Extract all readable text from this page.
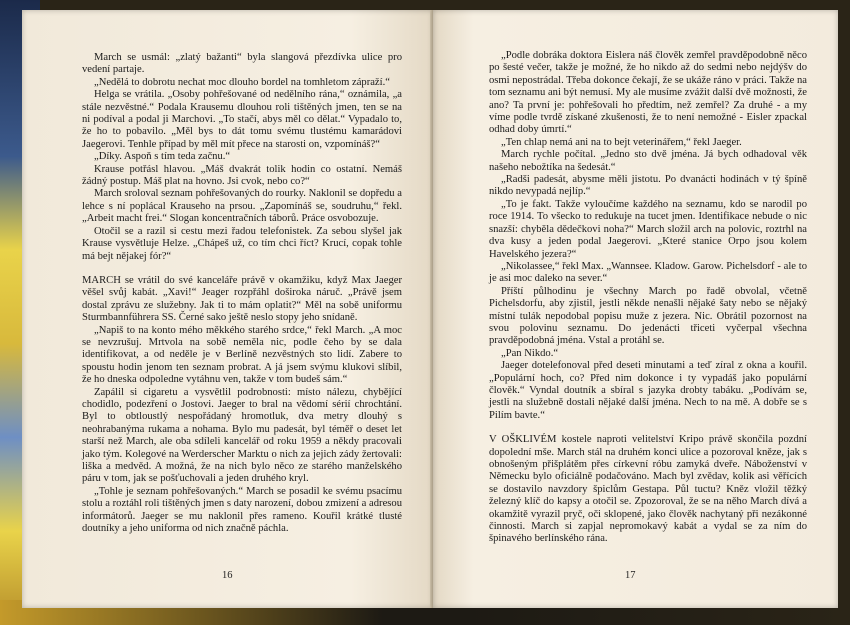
March se usmál: „zlatý bažanti“ byla slangová přezdívka ulice pro vedení partaje.

„Nedělá to dobrotu nechat moc dlouho bordel na tomhletom zápraží.“

Helga se vrátila. „Osoby pohřešované od nedělního rána,“ oznámila, „a stále nezvěstné.“ Podala Krausemu dlouhou roli tištěných jmen, ten se na ni podíval a podal ji Marchovi. „To stačí, abys měl co dělat.“ Vypadalo to, že ho to pobavilo. „Měl bys to dát tomu svému tlustému kamarádovi Jaegerovi. Tenhle případ by měl mít přece na starosti on, vzpomínáš?“

„Díky. Aspoň s tím teda začnu.“

Krause potřásl hlavou. „Máš dvakrát tolik hodin co ostatní. Nemáš žádný postup. Máš plat na hovno. Jsi cvok, nebo co?“

March sroloval seznam pohřešovaných do rourky. Naklonil se dopředu a lehce s ní poplácal Krauseho na prsou. „Zapomínáš se, soudruhu,“ řekl. „Arbeit macht frei.“ Slogan koncentračních táborů. Práce osvobozuje.

Otočil se a razil si cestu mezi řadou telefonistek. Za sebou slyšel jak Krause vysvětluje Helze. „Chápeš už, co tím chci říct? Krucí, copak tohle má bejt nějakej fór?“

MARCH se vrátil do své kanceláře právě v okamžiku, když Max Jaeger věšel svůj kabát. „Xavi!“ Jeager rozpřáhl doširoka náruč. „Právě jsem dostal zprávu ze služebny. Jak ti to mám oplatit?“ Měl na sobě uniformu Sturmbannführera SS. Černé sako ještě neslo stopy jeho snídaně.

„Napiš to na konto mého měkkého starého srdce,“ řekl March. „A moc se nevzrušuj. Mrtvola na sobě neměla nic, podle čeho by se dala identifikovat, a od neděle je v Berlíně nezvěstných sto lidí. Zabere to spoustu hodin jenom ten seznam probrat. A já jsem svýmu klukovi slíbil, že ho dneska odpoledne vytáhnu ven, takže v tom budeš sám.“

Zapálil si cigaretu a vysvětlil podrobnosti: místo nálezu, chybějící chodidlo, podezření o Jostovi. Jaeger to bral na vědomí sérií chrochtání. Byl to obtloustlý nespořádaný hromotluk, dva metry dlouhý s neohrabanýma rukama a nohama. Bylo mu padesát, byl téměř o deset let starší než March, ale oba sdíleli kancelář od roku 1959 a někdy pracovali jako tým. Kolegové na Werderscher Marktu o nich za jejich zády žertovali: liška a medvěd. A možná, že na nich bylo něco ze starého manželského páru v tom, jak se pošťuchovali a jeden druhého kryl.

„Tohle je seznam pohřešovaných.“ March se posadil ke svému psacímu stolu a roztáhl roli tištěných jmen s daty narození, dobou zmizení a adresou informátorů. Jaeger se mu naklonil přes rameno. Kouřil krátké tlusté doutníky a jeho uniforma od nich značně páchla.

16

„Podle dobráka doktora Eislera náš člověk zemřel pravděpodobně něco po šesté večer, takže je možné, že ho nikdo až do sedmi nebo nejdýšv do osmi nepostrádal. Třeba dokonce čekají, že se ukáže ráno v práci. Takže na tom seznamu ani být nemusí. My ale musíme zvážit další dvě možnosti, že ano? Ta první je: pohřešovali ho předtím, než zemřel? Za druhé - a my víme podle tvrdě získané zkušenosti, že to není nemožné - Eisler zpackal odhad doby úmrtí.“

„Ten chlap nemá ani na to bejt veterinářem,“ řekl Jaeger.

March rychle počítal. „Jedno sto dvě jména. Já bych odhadoval věk našeho nebožtíka na šedesát.“

„Radši padesát, abysme měli jistotu. Po dvanácti hodinách v tý špíně nikdo nevypadá nejlíp.“

„To je fakt. Takže vyloučíme každého na seznamu, kdo se narodil po roce 1914. To všecko to redukuje na tucet jmen. Identifikace nebude o nic snazší: chyběla dědečkovi noha?“ March složil arch na polovic, roztrhl na dva kusy a jeden podal Jaegerovi. „Které stanice Orpo jsou kolem Havelského jezera?“

„Nikolassee,“ řekl Max. „Wannsee. Kladow. Garow. Pichelsdorf - ale to je asi moc daleko na sever.“

Příští půlhodinu je všechny March po řadě obvolal, včetně Pichelsdorfu, aby zjistil, jestli někde nenašli nějaké šaty nebo se nějaký místní tulák nepodobal popisu muže z jezera. Nic. Obrátil pozornost na svou polovinu seznamu. Do jedenácti třiceti vyčerpal všechna pravděpodobná jména. Vstal a protáhl se.

„Pan Nikdo.“

Jaeger dotelefonoval před deseti minutami a teď zíral z okna a kouřil. „Populární hoch, co? Před nim dokonce i ty vypadáš jako populární člověk.“ Vyndal doutník a sbíral s jazyka drobty tabáku. „Podívám se, jestli na služebně dostali nějaké další jména. Nech to na mě. A dobře se s Pilím bavte.“

V OŠKLIVÉM kostele naproti velitelství Kripo právě skončila pozdní dopolední mše. March stál na druhém konci ulice a pozoroval kněze, jak s obnošeným přišplátěm přes církevní róbu zamyká dveře. Náboženství v Německu bylo oficiálně podačováno. Mach byl zvědav, kolik asi věřících se dostavilo navzdory špiclům Gestapa. Půl tuctu? Kněz vložil těžký železný klíč do kapsy a otočil se. Zpozoroval, že se na něho March dívá a okamžitě vyrazil pryč, oči sklopené, jako člověk nachytaný při nezákonné činnosti. March si zapjal nepromokavý kabát a vydal se za ním do špinavého berlínského rána.

17
